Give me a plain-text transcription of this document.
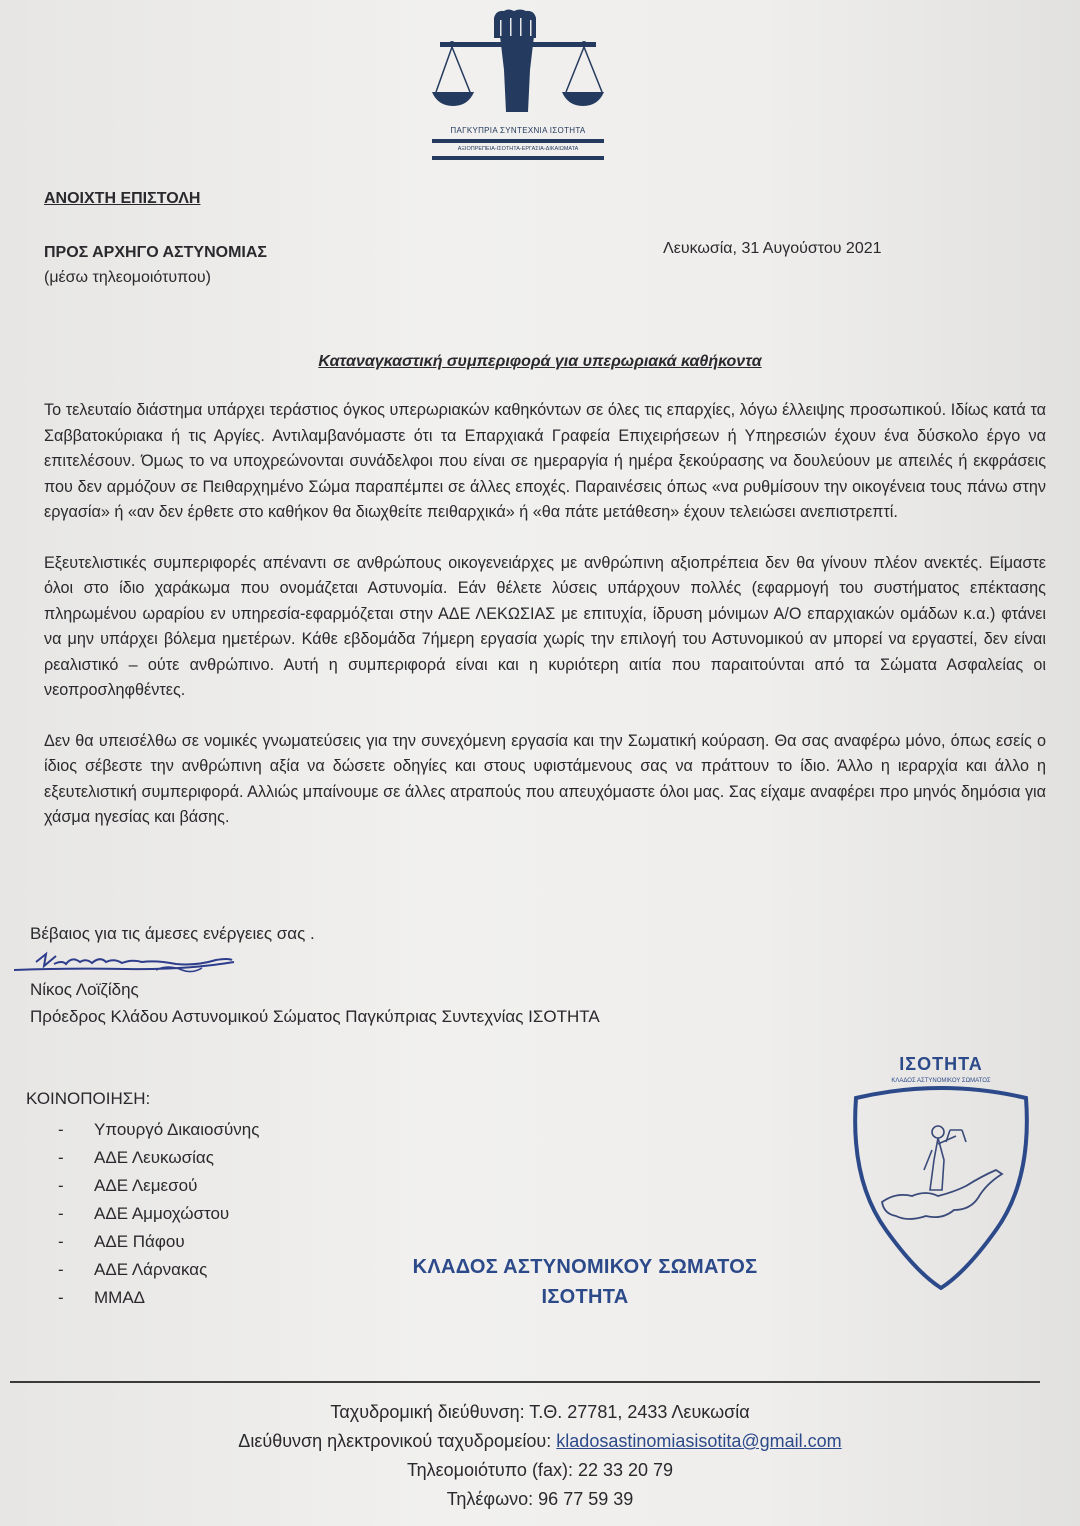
ΠΑΓΚΥΠΡΙΑ ΣΥΝΤΕΧΝΙΑ ΙΣΟΤΗΤΑ
ΑΞΙΟΠΡΕΠΕΙΑ-ΙΣΟΤΗΤΑ-ΕΡΓΑΣΙΑ-ΔΙΚΑΙΩΜΑΤΑ
ΑΝΟΙΧΤΗ ΕΠΙΣΤΟΛΗ
ΠΡΟΣ ΑΡΧΗΓΟ ΑΣΤΥΝΟΜΙΑΣ
(μέσω τηλεομοιότυπου)
Λευκωσία, 31 Αυγούστου 2021
Καταναγκαστική συμπεριφορά για υπερωριακά καθήκοντα

Το τελευταίο διάστημα υπάρχει τεράστιος όγκος υπερωριακών καθηκόντων σε όλες τις επαρχίες, λόγω έλλειψης προσωπικού. Ιδίως κατά τα Σαββατοκύριακα ή τις Αργίες. Αντιλαμβανόμαστε ότι τα Επαρχιακά Γραφεία Επιχειρήσεων ή Υπηρεσιών έχουν ένα δύσκολο έργο να επιτελέσουν. Όμως το να υποχρεώνονται συνάδελφοι που είναι σε ημεραργία ή ημέρα ξεκούρασης να δουλεύουν με απειλές ή εκφράσεις που δεν αρμόζουν σε Πειθαρχημένο Σώμα παραπέμπει σε άλλες εποχές. Παραινέσεις όπως «να ρυθμίσουν την οικογένεια τους πάνω στην εργασία» ή «αν δεν έρθετε στο καθήκον θα διωχθείτε πειθαρχικά» ή «θα πάτε μετάθεση» έχουν τελειώσει ανεπιστρεπτί.

Εξευτελιστικές συμπεριφορές απέναντι σε ανθρώπους οικογενειάρχες με ανθρώπινη αξιοπρέπεια δεν θα γίνουν πλέον ανεκτές. Είμαστε όλοι στο ίδιο χαράκωμα που ονομάζεται Αστυνομία. Εάν θέλετε λύσεις υπάρχουν πολλές (εφαρμογή του συστήματος επέκτασης πληρωμένου ωραρίου εν υπηρεσία-εφαρμόζεται στην ΑΔΕ ΛΕΚΩΣΙΑΣ με επιτυχία, ίδρυση μόνιμων Α/Ο επαρχιακών ομάδων κ.α.) φτάνει να μην υπάρχει βόλεμα ημετέρων. Κάθε εβδομάδα 7ήμερη εργασία χωρίς την επιλογή του Αστυνομικού αν μπορεί να εργαστεί, δεν είναι ρεαλιστικό – ούτε ανθρώπινο. Αυτή η συμπεριφορά είναι και η κυριότερη αιτία που παραιτούνται από τα Σώματα Ασφαλείας οι νεοπροσληφθέντες.

Δεν θα υπεισέλθω σε νομικές γνωματεύσεις για την συνεχόμενη εργασία και την Σωματική κούραση. Θα σας αναφέρω μόνο, όπως εσείς ο ίδιος σέβεστε την ανθρώπινη αξία να δώσετε οδηγίες και στους υφιστάμενους σας να πράττουν το ίδιο. Άλλο η ιεραρχία και άλλο η εξευτελιστική συμπεριφορά. Αλλιώς μπαίνουμε σε άλλες ατραπούς που απευχόμαστε όλοι μας. Σας είχαμε αναφέρει προ μηνός δημόσια για χάσμα ηγεσίας και βάσης.

Βέβαιος για τις άμεσες ενέργειες σας .
Νίκος Λοϊζίδης
Πρόεδρος Κλάδου Αστυνομικού Σώματος Παγκύπριας Συντεχνίας ΙΣΟΤΗΤΑ
ΚΟΙΝΟΠΟΙΗΣΗ:
-	Υπουργό Δικαιοσύνης
-	ΑΔΕ Λευκωσίας
-	ΑΔΕ Λεμεσού
-	ΑΔΕ Αμμοχώστου
-	ΑΔΕ Πάφου
-	ΑΔΕ Λάρνακας
-	ΜΜΑΔ
ΚΛΑΔΟΣ ΑΣΤΥΝΟΜΙΚΟΥ ΣΩΜΑΤΟΣ
ΙΣΟΤΗΤΑ
ΙΣΟΤΗΤΑ
ΚΛΑΔΟΣ ΑΣΤΥΝΟΜΙΚΟΥ ΣΩΜΑΤΟΣ
Ταχυδρομική διεύθυνση: Τ.Θ. 27781, 2433 Λευκωσία
Διεύθυνση ηλεκτρονικού ταχυδρομείου: kladosastinomiasisotita@gmail.com
Τηλεομοιότυπο (fax): 22 33 20 79
Τηλέφωνο: 96 77 59 39
